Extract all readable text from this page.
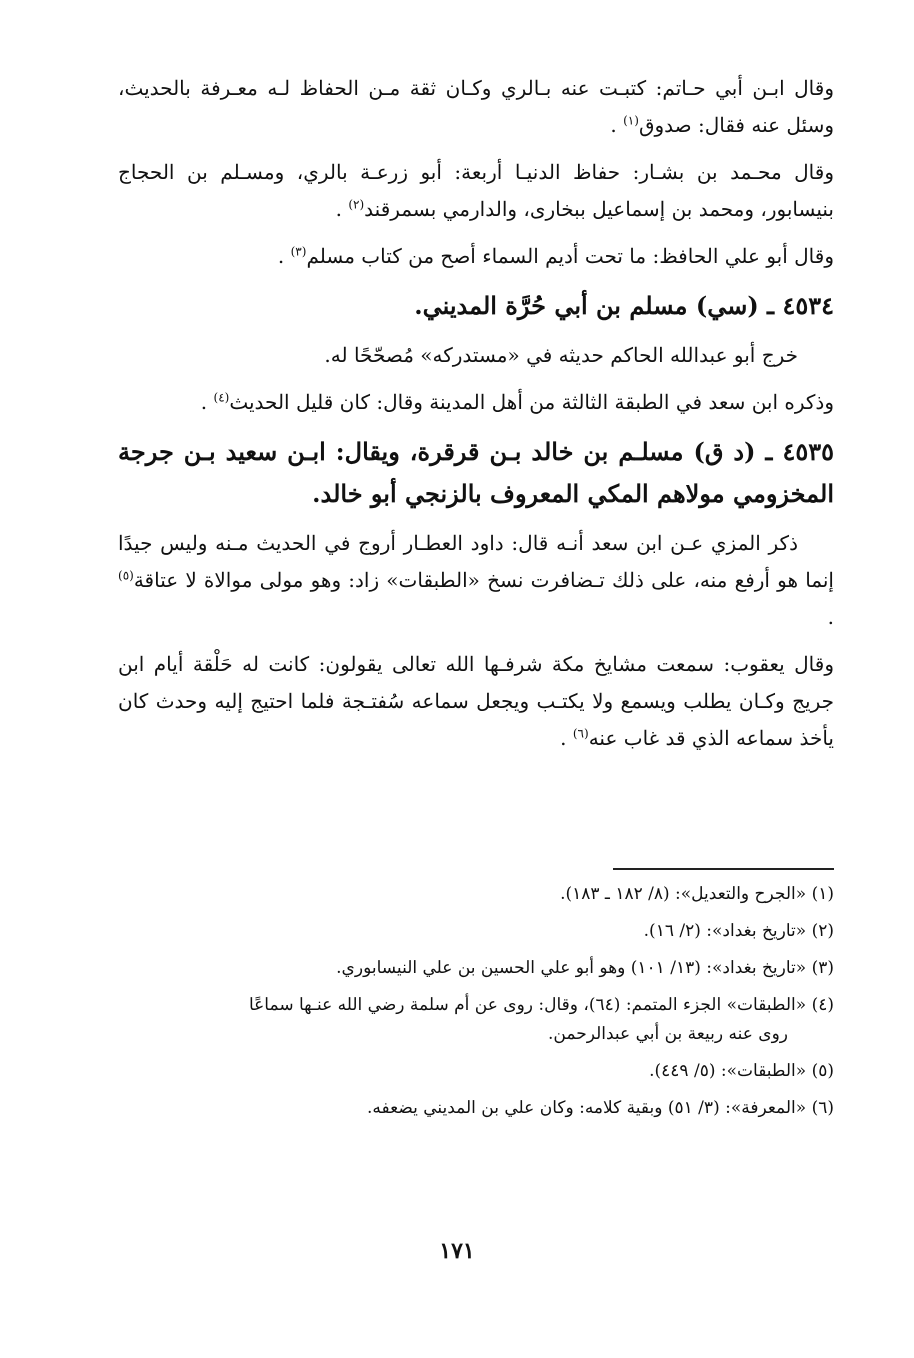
وقال ابـن أبي حـاتم: كتبـت عنه بـالري وكـان ثقة مـن الحفاظ لـه معـرفة بالحديث، وسئل عنه فقال: صدوق$^{(١)}$ .

وقال محـمد بن بشـار: حفاظ الدنيـا أربعة: أبو زرعـة بالري، ومسـلم بن الحجاج بنيسابور، ومحمد بن إسماعيل ببخارى، والدارمي بسمرقند$^{(٢)}$ .

وقال أبو علي الحافظ: ما تحت أديم السماء أصح من كتاب مسلم$^{(٣)}$ .

٤٥٣٤ ـ (سي) مسلم بن أبي حُرَّة المديني.

خرج أبو عبدالله الحاكم حديثه في «مستدركه» مُصحّحًا له.

وذكره ابن سعد في الطبقة الثالثة من أهل المدينة وقال: كان قليل الحديث$^{(٤)}$ .

٤٥٣٥ ـ (د ق) مسلـم بن خالد بـن قرقرة، ويقال: ابـن سعيد بـن جرجة المخزومي مولاهم المكي المعروف بالزنجي أبو خالد.

ذكر المزي عـن ابن سعد أنـه قال: داود العطـار أروج في الحديث مـنه وليس جيدًا إنما هو أرفع منه، على ذلك تـضافرت نسخ «الطبقات» زاد: وهو مولى موالاة لا عتاقة$^{(٥)}$ .

وقال يعقوب: سمعت مشايخ مكة شرفـها الله تعالى يقولون: كانت له حَلْقة أيام ابن جريج وكـان يطلب ويسمع ولا يكتـب ويجعل سماعه سُفتـجة فلما احتيج إليه وحدث كان يأخذ سماعه الذي قد غاب عنه$^{(٦)}$ .

(١) «الجرح والتعديل»: (٨/ ١٨٢ ـ ١٨٣).

(٢) «تاريخ بغداد»: (٢/ ١٦).

(٣) «تاريخ بغداد»: (١٣/ ١٠١) وهو أبو علي الحسين بن علي النيسابوري.

(٤) «الطبقات» الجزء المتمم: (٦٤)، وقال: روى عن أم سلمة رضي الله عنـها سماعًا
روى عنه ربيعة بن أبي عبدالرحمن.

(٥) «الطبقات»: (٥/ ٤٤٩).

(٦) «المعرفة»: (٣/ ٥١) وبقية كلامه: وكان علي بن المديني يضعفه.

١٧١
